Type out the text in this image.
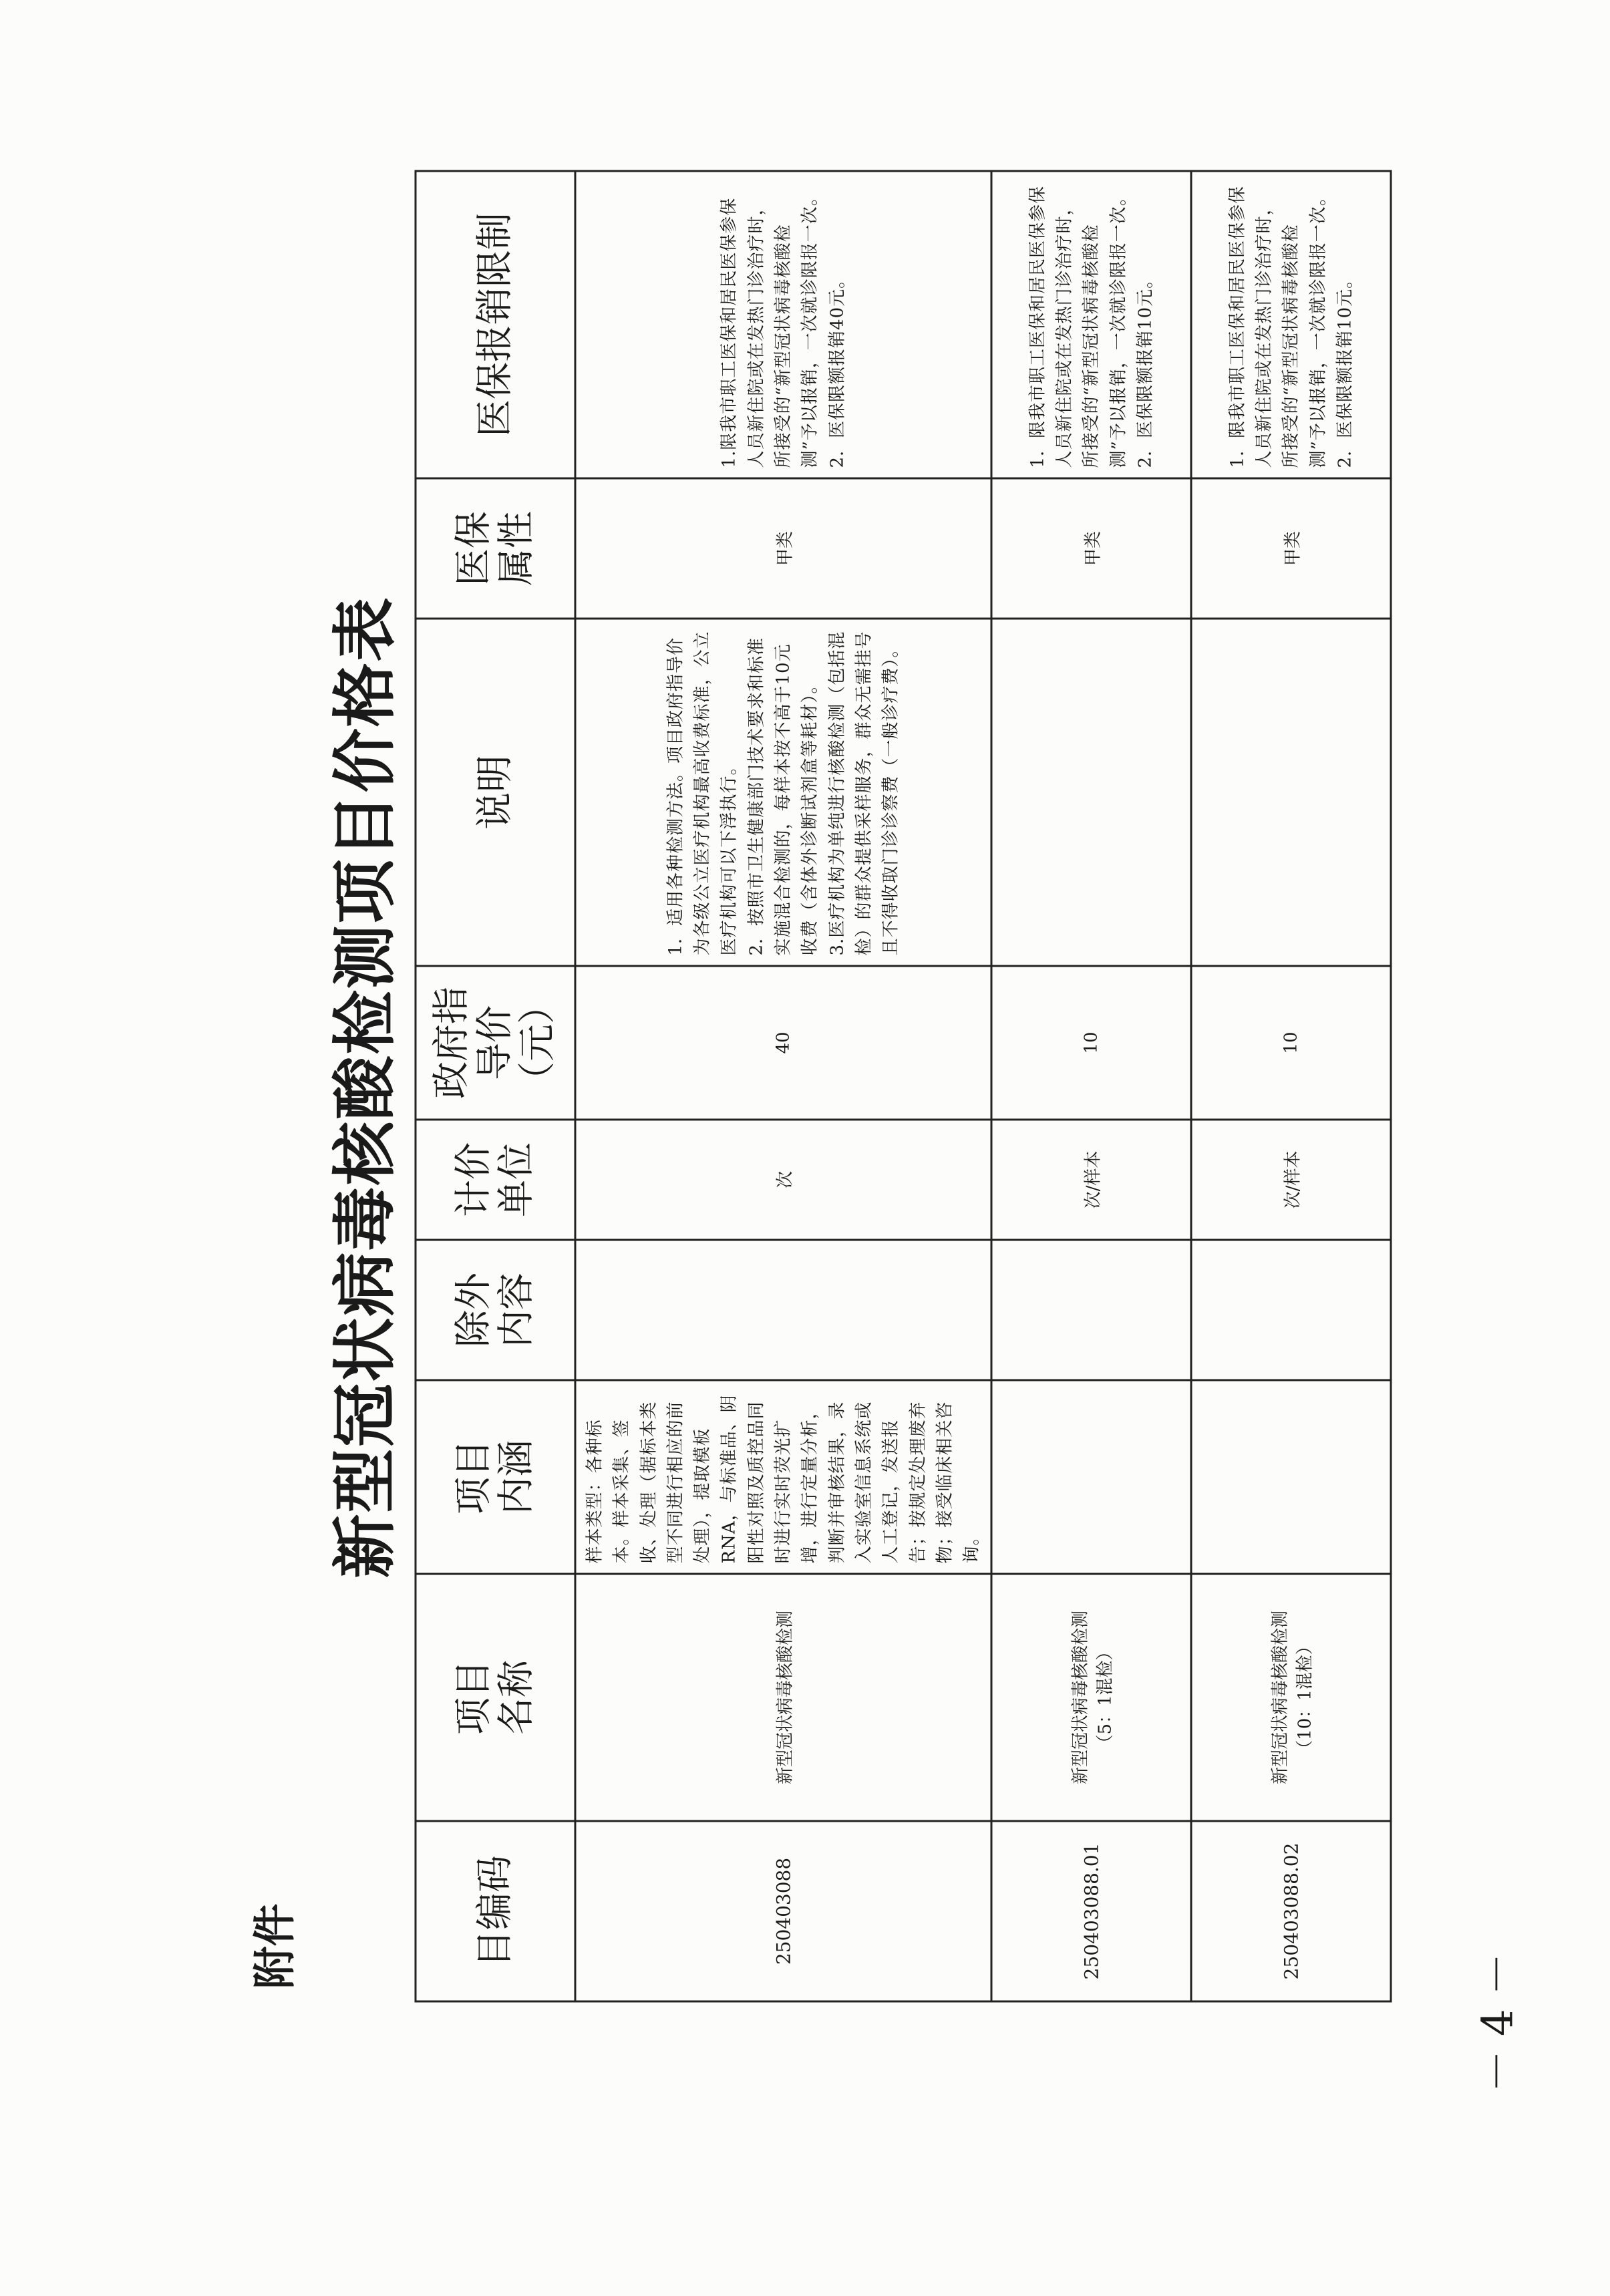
附件
新型冠状病毒核酸检测项目价格表
目编码	项目 名称	项目 内涵	除外 内容	计价 单位	政府指 导价 （元）	说明	医保 属性	医保报销限制
250403088	新型冠状病毒核酸检测	样本类型：各种标本。样本采集、签收、处理（据标本类型不同进行相应的前处理），提取模板RNA，与标准品、阴阳性对照及质控品同时进行实时荧光扩增，进行定量分析，判断并审核结果，录入实验室信息系统或人工登记，发送报告；按规定处理废弃物；接受临床相关咨询。		次	40	1．适用各种检测方法。项目政府指导价为各级公立医疗机构最高收费标准，公立医疗机构可以下浮执行。 2．按照市卫生健康部门技术要求和标准实施混合检测的，每样本按不高于10元收费（含体外诊断试剂盒等耗材）。 3.医疗机构为单纯进行核酸检测（包括混检）的群众提供采样服务，群众无需挂号且不得收取门诊诊察费（一般诊疗费）。	甲类	1.限我市职工医保和居民医保参保人员新住院或在发热门诊治疗时，所接受的“新型冠状病毒核酸检测”予以报销，一次就诊限报一次。 2．医保限额报销40元。

250403088.01	新型冠状病毒核酸检测 （5：1混检）			次/样本	10		甲类	1．限我市职工医保和居民医保参保人员新住院或在发热门诊治疗时，所接受的“新型冠状病毒核酸检测”予以报销，一次就诊限报一次。 2．医保限额报销10元。

250403088.02	新型冠状病毒核酸检测 （10：1混检）			次/样本	10		甲类	1．限我市职工医保和居民医保参保人员新住院或在发热门诊治疗时，所接受的“新型冠状病毒核酸检测”予以报销，一次就诊限报一次。 2．医保限额报销10元。
－ 4 －
